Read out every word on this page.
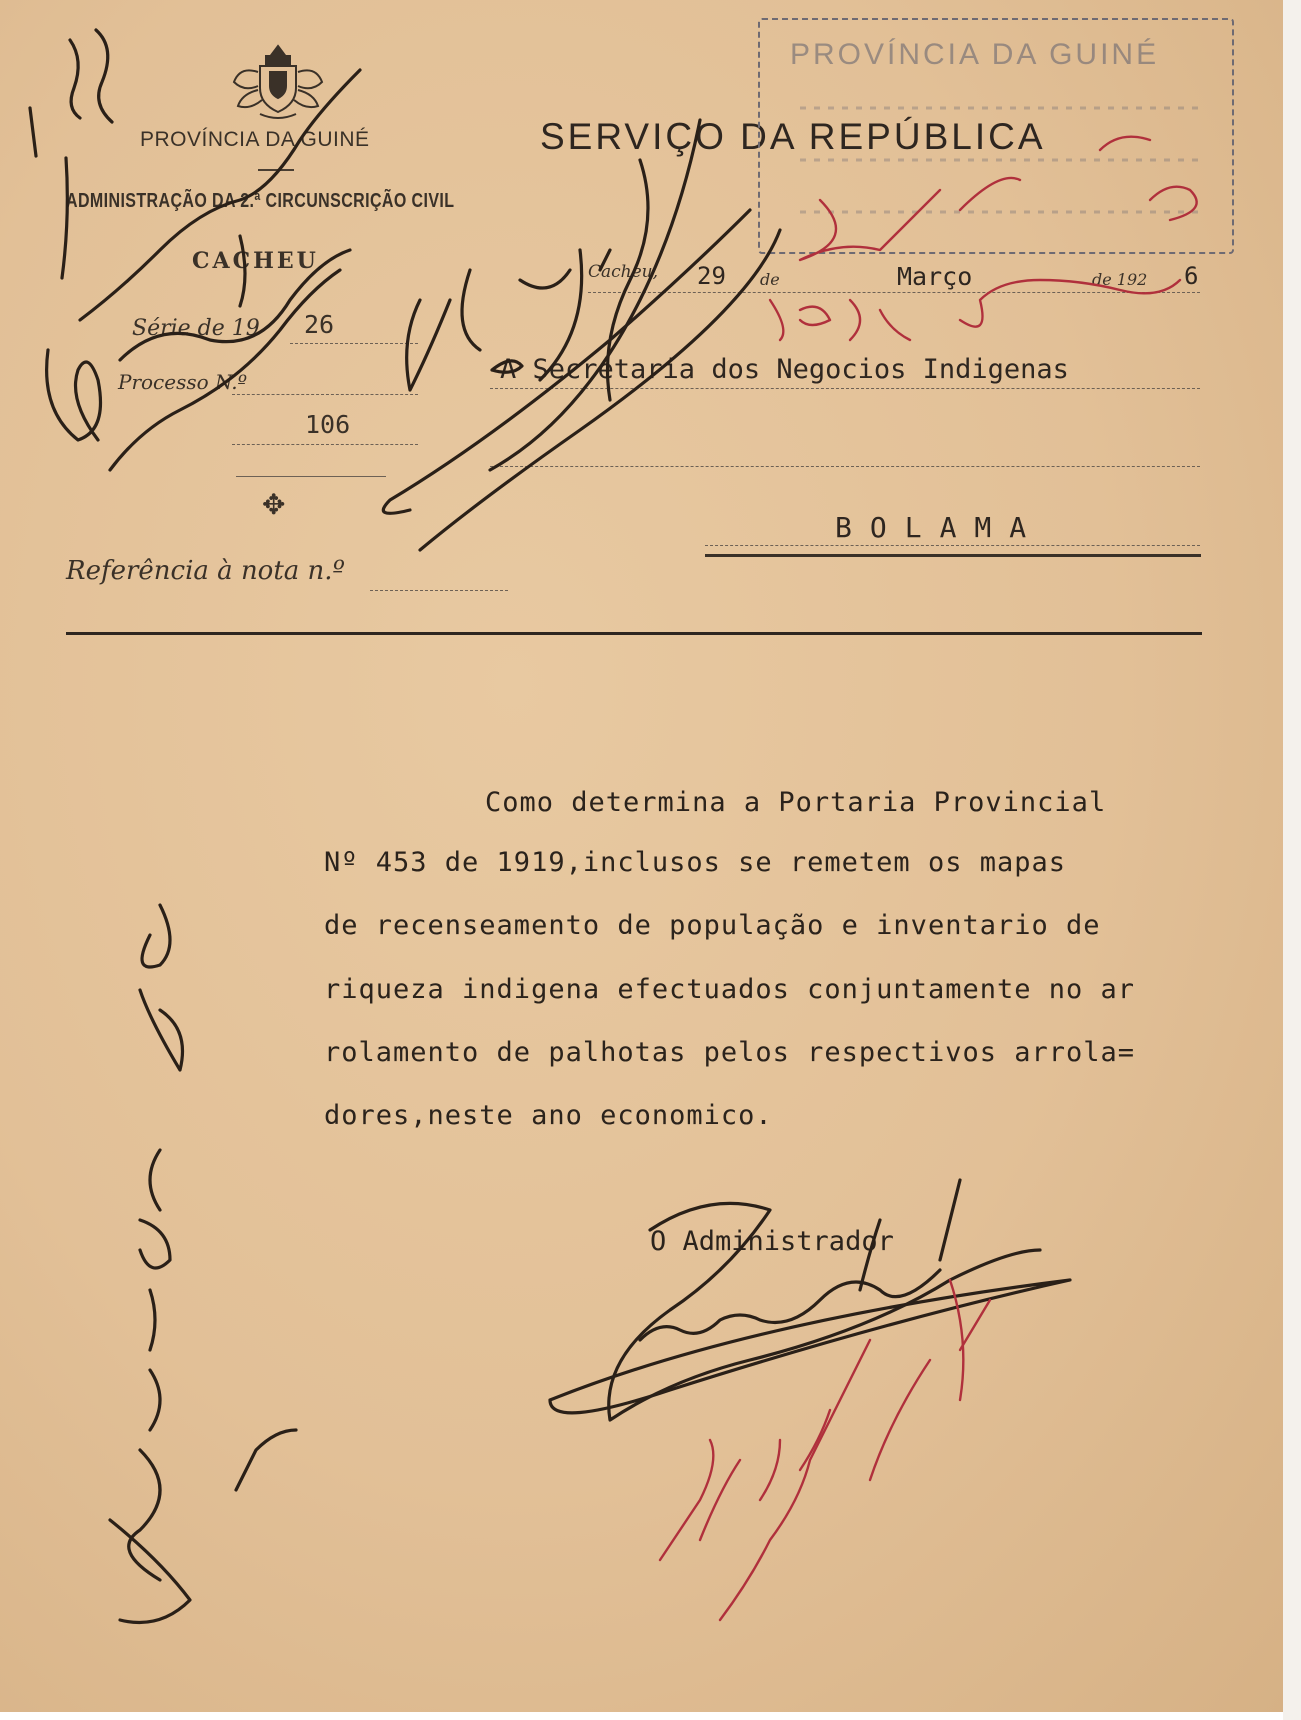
PROVÍNCIA DA GUINÉ
ADMINISTRAÇÃO DA 2.ª CIRCUNSCRIÇÃO CIVIL
CACHEU
Série de 19 26
Processo N.º
106
✥
Referência à nota n.º
SERVIÇO DA REPÚBLICA
PROVÍNCIA DA GUINÉ
Cacheu, 29 de	Março	de 192 6
A Secretaria dos Negocios Indigenas
BOLAMA
Como determina a Portaria Provincial
Nº 453 de 1919,inclusos se remetem os mapas
de recenseamento de população e inventario de
riqueza indigena efectuados conjuntamente no ar
rolamento de palhotas pelos respectivos arrola=
dores,neste ano economico.
O Administrador
